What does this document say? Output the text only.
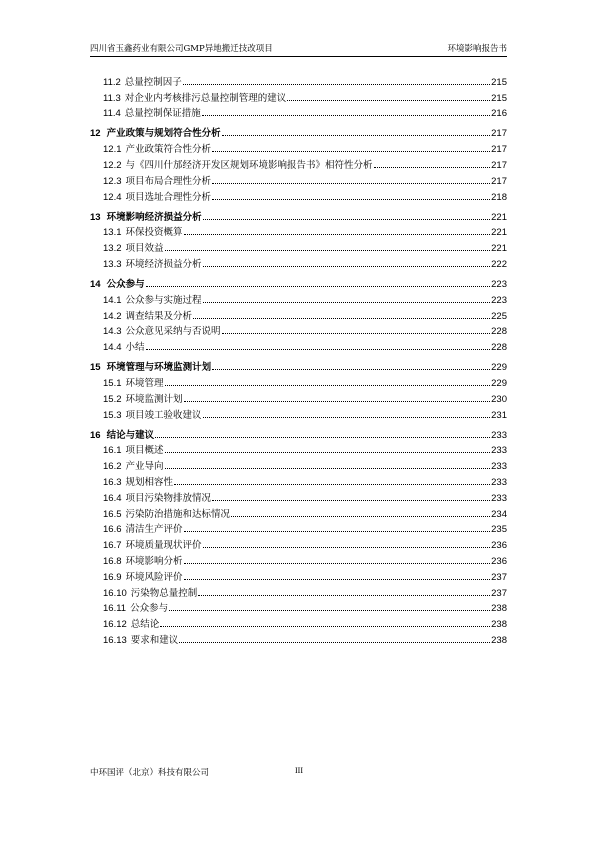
四川省玉鑫药业有限公司GMP异地搬迁技改项目	环境影响报告书
11.2 总量控制因子	215
11.3 对企业内考核排污总量控制管理的建议	215
11.4 总量控制保证措施	216
12 产业政策与规划符合性分析	217
12.1 产业政策符合性分析	217
12.2 与《四川什邡经济开发区规划环境影响报告书》相符性分析	217
12.3 项目布局合理性分析	217
12.4 项目选址合理性分析	218
13 环境影响经济损益分析	221
13.1 环保投资概算	221
13.2 项目效益	221
13.3 环境经济损益分析	222
14 公众参与	223
14.1 公众参与实施过程	223
14.2 调查结果及分析	225
14.3 公众意见采纳与否说明	228
14.4 小结	228
15 环境管理与环境监测计划	229
15.1 环境管理	229
15.2 环境监测计划	230
15.3 项目竣工验收建议	231
16 结论与建议	233
16.1 项目概述	233
16.2 产业导向	233
16.3 规划相容性	233
16.4 项目污染物排放情况	233
16.5 污染防治措施和达标情况	234
16.6 清洁生产评价	235
16.7 环境质量现状评价	236
16.8 环境影响分析	236
16.9 环境风险评价	237
16.10 污染物总量控制	237
16.11 公众参与	238
16.12 总结论	238
16.13 要求和建议	238
中环国评（北京）科技有限公司	III
